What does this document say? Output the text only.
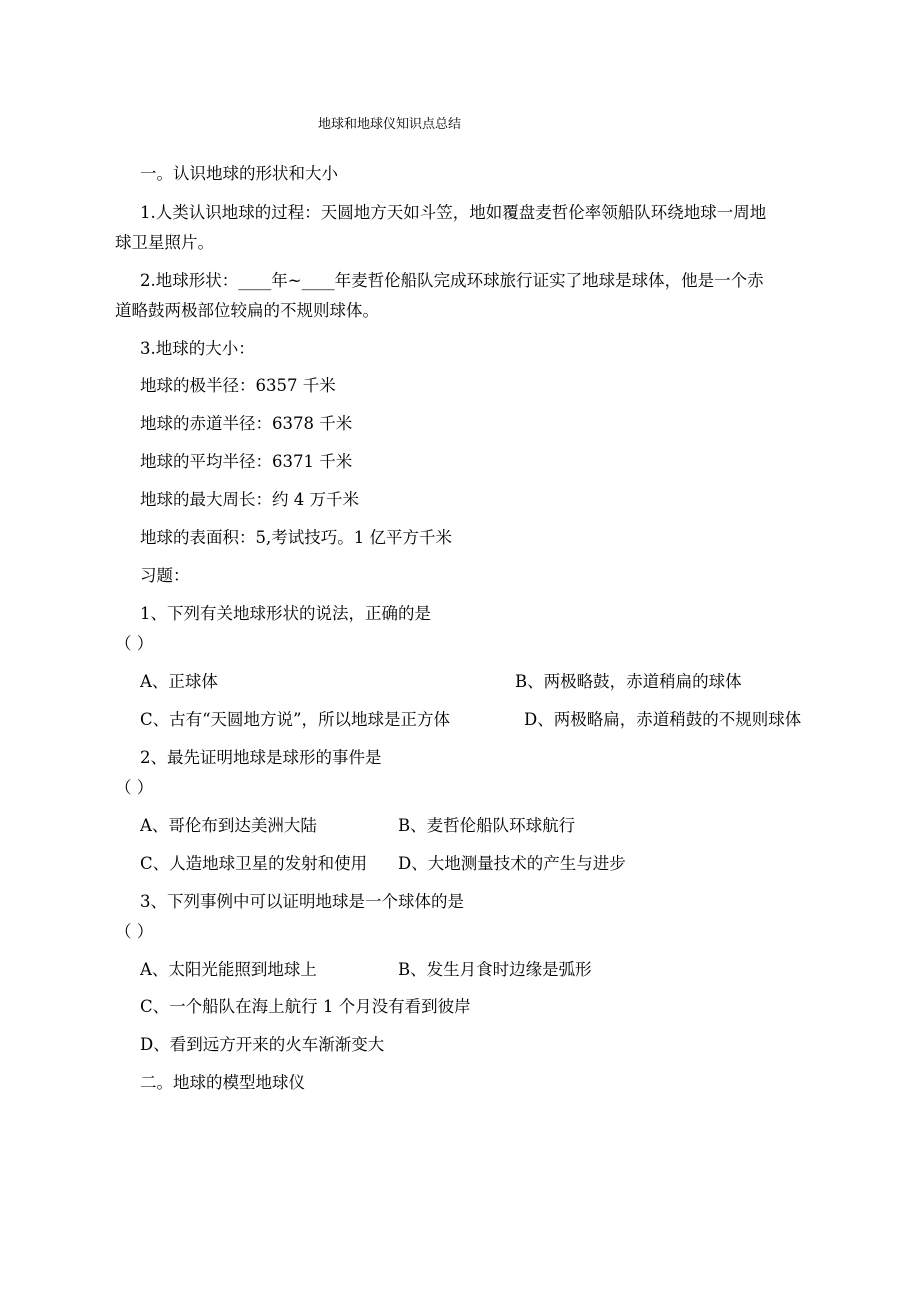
地球和地球仪知识点总结
一。认识地球的形状和大小
1.人类认识地球的过程：天圆地方天如斗笠，地如覆盘麦哲伦率领船队环绕地球一周地
球卫星照片。
2.地球形状：____年~____年麦哲伦船队完成环球旅行证实了地球是球体，他是一个赤
道略鼓两极部位较扁的不规则球体。
3.地球的大小：
地球的极半径：6357 千米
地球的赤道半径：6378 千米
地球的平均半径：6371 千米
地球的最大周长：约 4 万千米
地球的表面积：5,考试技巧。1 亿平方千米
习题：
1、下列有关地球形状的说法，正确的是
（ ）
A、正球体	B、两极略鼓，赤道稍扁的球体
C、古有“天圆地方说”，所以地球是正方体	D、两极略扁，赤道稍鼓的不规则球体
2、最先证明地球是球形的事件是
（ ）
A、哥伦布到达美洲大陆	B、麦哲伦船队环球航行
C、人造地球卫星的发射和使用 D、大地测量技术的产生与进步
3、下列事例中可以证明地球是一个球体的是
（ ）
A、太阳光能照到地球上	B、发生月食时边缘是弧形
C、一个船队在海上航行 1 个月没有看到彼岸
D、看到远方开来的火车渐渐变大
二。地球的模型地球仪
